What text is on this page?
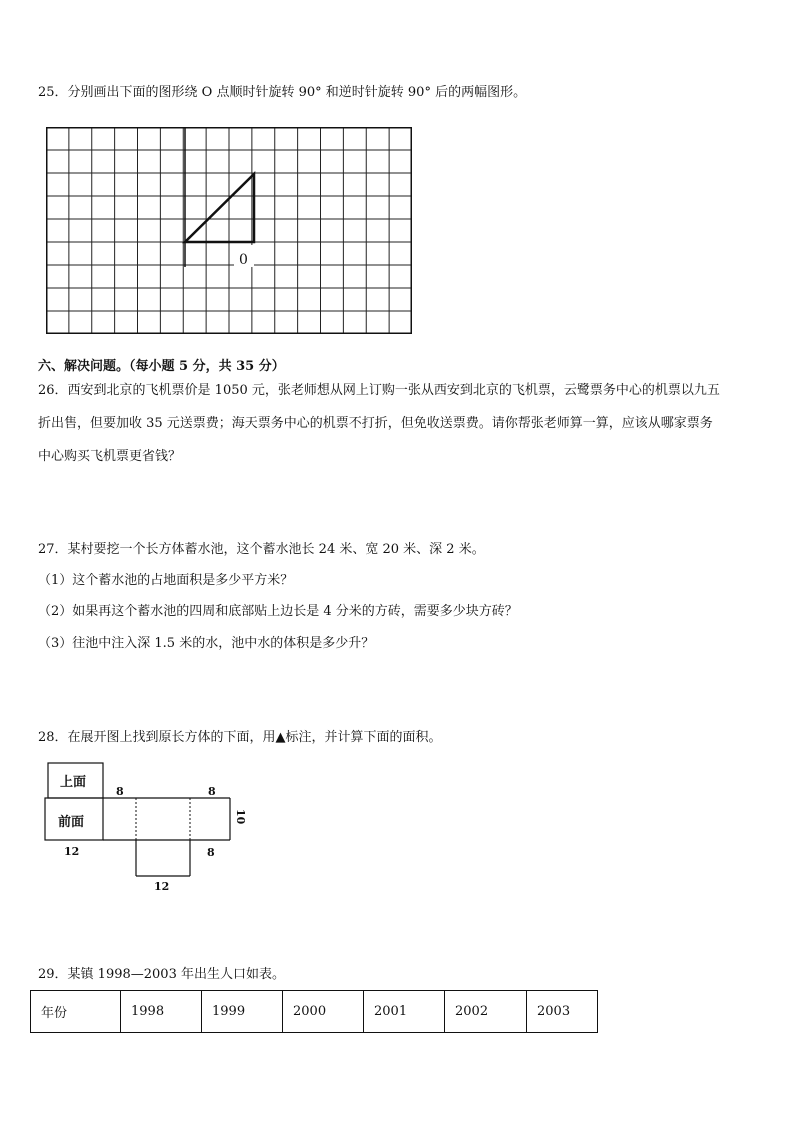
25．分别画出下面的图形绕 O 点顺时针旋转 90° 和逆时针旋转 90° 后的两幅图形。
0
六、解决问题。（每小题 5 分，共 35 分）
26．西安到北京的飞机票价是 1050 元，张老师想从网上订购一张从西安到北京的飞机票，云鹭票务中心的机票以九五
折出售，但要加收 35 元送票费；海天票务中心的机票不打折，但免收送票费。请你帮张老师算一算，应该从哪家票务
中心购买飞机票更省钱？
27．某村要挖一个长方体蓄水池，这个蓄水池长 24 米、宽 20 米、深 2 米。
（1）这个蓄水池的占地面积是多少平方米？
（2）如果再这个蓄水池的四周和底部贴上边长是 4 分米的方砖，需要多少块方砖？
（3）往池中注入深 1.5 米的水，池中水的体积是多少升？
28．在展开图上找到原长方体的下面，用▲标注，并计算下面的面积。
上面
前面
8	8
10
12	8
12
29．某镇 1998—2003 年出生人口如表。
年份	1998	1999	2000	2001	2002	2003
